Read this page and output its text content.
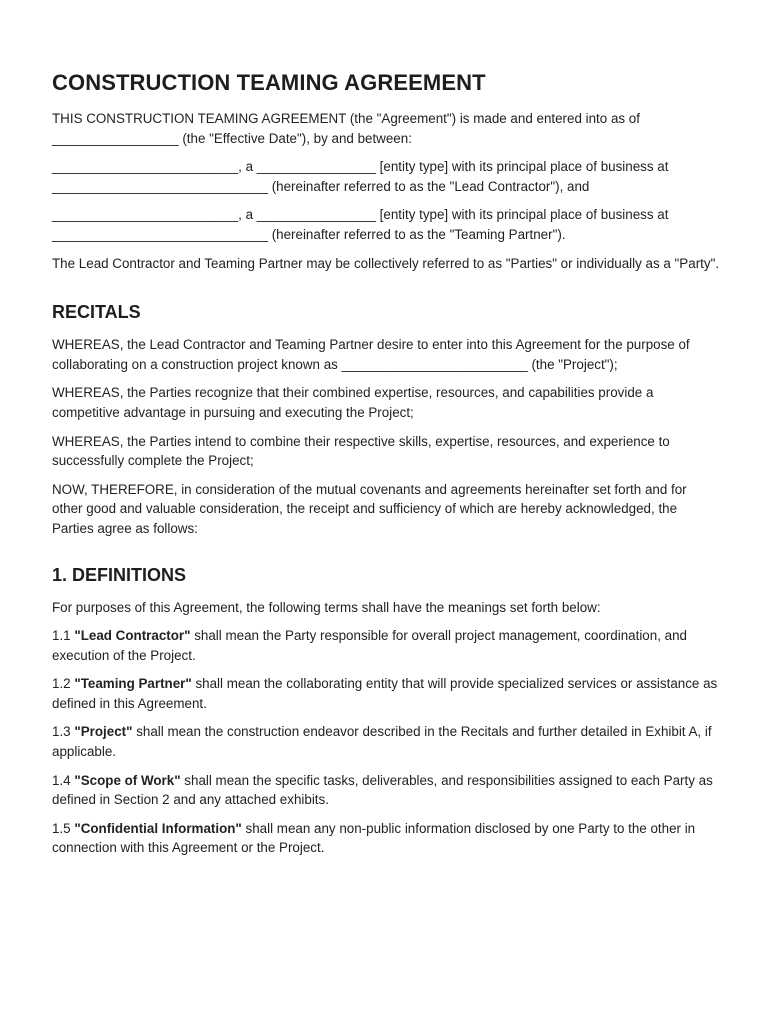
CONSTRUCTION TEAMING AGREEMENT

THIS CONSTRUCTION TEAMING AGREEMENT (the "Agreement") is made and entered into as of _________________ (the "Effective Date"), by and between:

_________________________, a ________________ [entity type] with its principal place of business at _____________________________ (hereinafter referred to as the "Lead Contractor"), and

_________________________, a ________________ [entity type] with its principal place of business at _____________________________ (hereinafter referred to as the "Teaming Partner").

The Lead Contractor and Teaming Partner may be collectively referred to as "Parties" or individually as a "Party".

RECITALS

WHEREAS, the Lead Contractor and Teaming Partner desire to enter into this Agreement for the purpose of collaborating on a construction project known as _________________________ (the "Project");

WHEREAS, the Parties recognize that their combined expertise, resources, and capabilities provide a competitive advantage in pursuing and executing the Project;

WHEREAS, the Parties intend to combine their respective skills, expertise, resources, and experience to successfully complete the Project;

NOW, THEREFORE, in consideration of the mutual covenants and agreements hereinafter set forth and for other good and valuable consideration, the receipt and sufficiency of which are hereby acknowledged, the Parties agree as follows:

1. DEFINITIONS

For purposes of this Agreement, the following terms shall have the meanings set forth below:

1.1 "Lead Contractor" shall mean the Party responsible for overall project management, coordination, and execution of the Project.

1.2 "Teaming Partner" shall mean the collaborating entity that will provide specialized services or assistance as defined in this Agreement.

1.3 "Project" shall mean the construction endeavor described in the Recitals and further detailed in Exhibit A, if applicable.

1.4 "Scope of Work" shall mean the specific tasks, deliverables, and responsibilities assigned to each Party as defined in Section 2 and any attached exhibits.

1.5 "Confidential Information" shall mean any non-public information disclosed by one Party to the other in connection with this Agreement or the Project.
